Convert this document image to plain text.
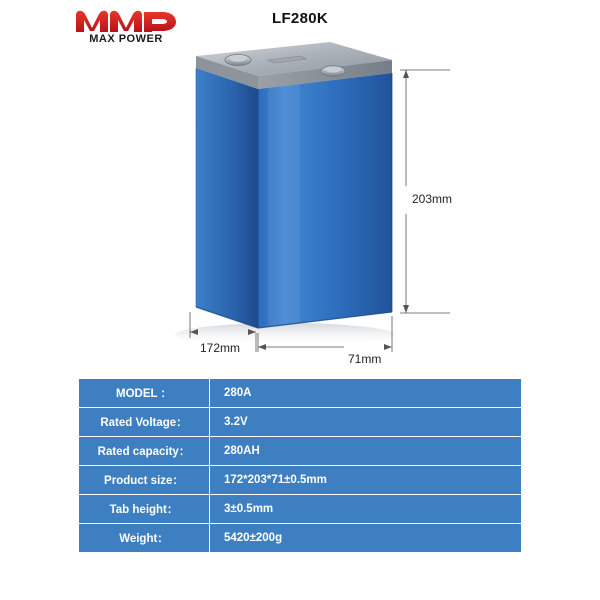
MAX POWER
LF280K
203mm
172mm
71mm
MODEL ：	280A
Rated Voltage：	3.2V
Rated capacity：	280AH
Product size：	172*203*71±0.5mm
Tab height：	3±0.5mm
Weight：	5420±200g
